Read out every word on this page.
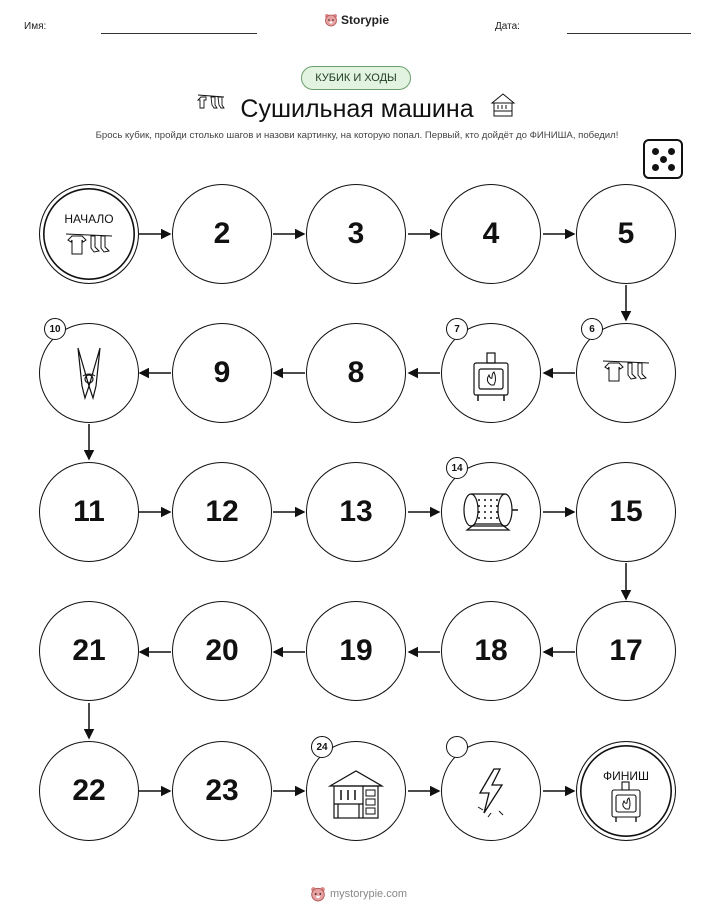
Имя:	Storypie	Дата:
КУБИК И ХОДЫ
Сушильная машина
Брось кубик, пройди столько шагов и назови картинку, на которую попал. Первый, кто дойдёт до ФИНИША, победил!
НАЧАЛО	2	3	4	5
10
9	8
7	6
11	12	13
14
15
21	20	19	18	17
22	23
24
ФИНИШ
mystorypie.com
